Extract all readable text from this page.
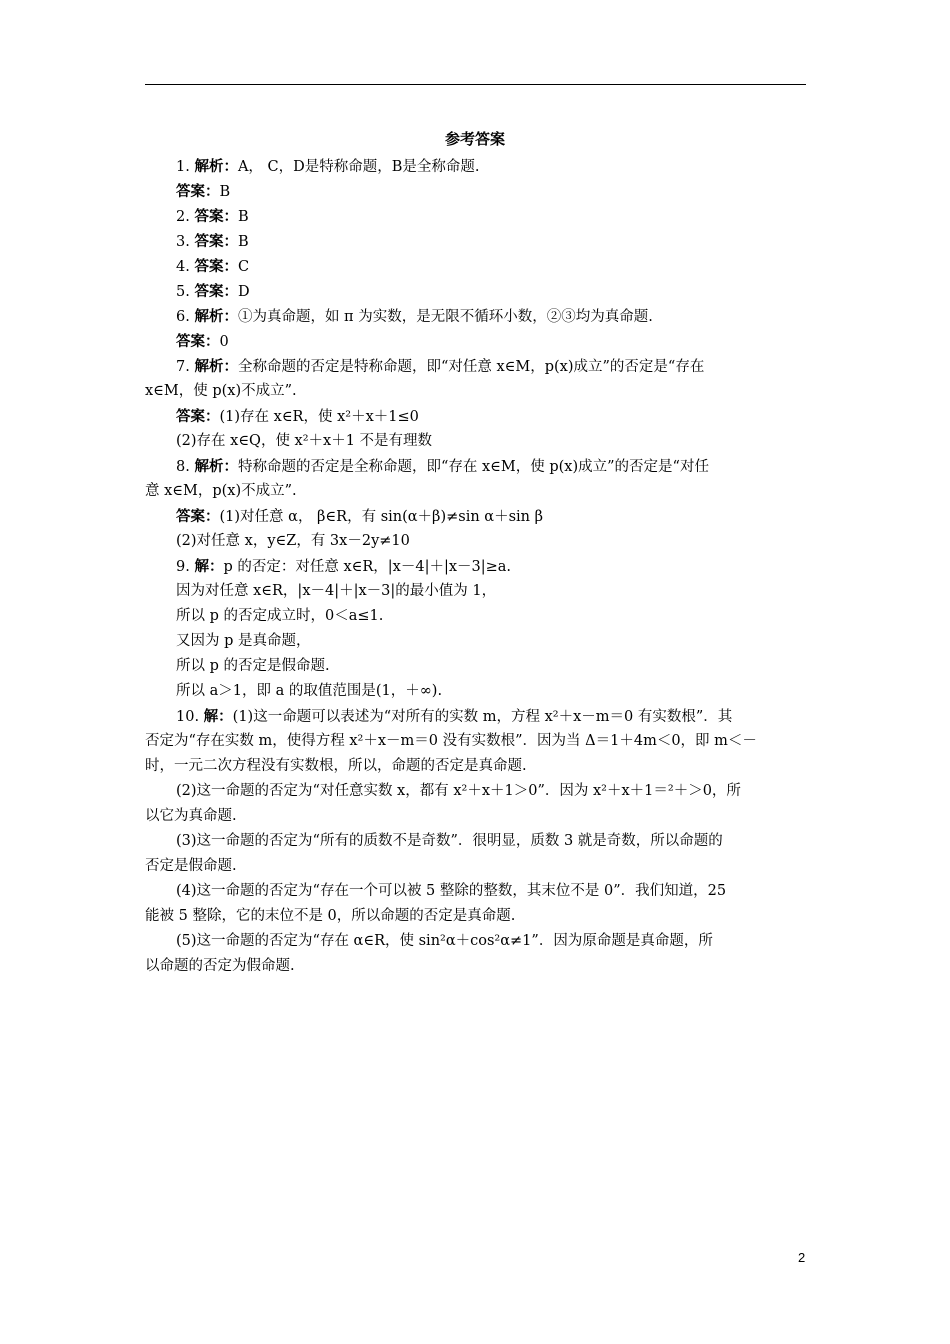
参考答案
1. 解析：A， C，D是特称命题，B是全称命题.
答案：B
2. 答案：B
3. 答案：B
4. 答案：C
5. 答案：D
6. 解析：①为真命题，如 π 为实数，是无限不循环小数，②③均为真命题.
答案：0
7. 解析：全称命题的否定是特称命题，即“对任意 x∈M，p(x)成立”的否定是“存在
x∈M，使 p(x)不成立”.
答案：(1)存在 x∈R，使 x²＋x＋1≤0
(2)存在 x∈Q，使 x²＋x＋1 不是有理数
8. 解析：特称命题的否定是全称命题，即“存在 x∈M，使 p(x)成立”的否定是“对任
意 x∈M，p(x)不成立”.
答案：(1)对任意 α， β∈R，有 sin(α＋β)≠sin α＋sin β
(2)对任意 x，y∈Z，有 3x－2y≠10
9. 解：p 的否定：对任意 x∈R，|x－4|＋|x－3|≥a.
因为对任意 x∈R，|x－4|＋|x－3|的最小值为 1，
所以 p 的否定成立时，0＜a≤1.
又因为 p 是真命题，
所以 p 的否定是假命题.
所以 a＞1，即 a 的取值范围是(1，＋∞).
10. 解：(1)这一命题可以表述为“对所有的实数 m，方程 x²＋x－m＝0 有实数根”．其
否定为“存在实数 m，使得方程 x²＋x－m＝0 没有实数根”．因为当 Δ＝1＋4m＜0，即 m＜－
时，一元二次方程没有实数根，所以，命题的否定是真命题.
(2)这一命题的否定为“对任意实数 x，都有 x²＋x＋1＞0”．因为 x²＋x＋1＝²＋＞0，所
以它为真命题.
(3)这一命题的否定为“所有的质数不是奇数”．很明显，质数 3 就是奇数，所以命题的
否定是假命题.
(4)这一命题的否定为“存在一个可以被 5 整除的整数，其末位不是 0”．我们知道，25
能被 5 整除，它的末位不是 0，所以命题的否定是真命题.
(5)这一命题的否定为“存在 α∈R，使 sin²α＋cos²α≠1”．因为原命题是真命题，所
以命题的否定为假命题.
2
